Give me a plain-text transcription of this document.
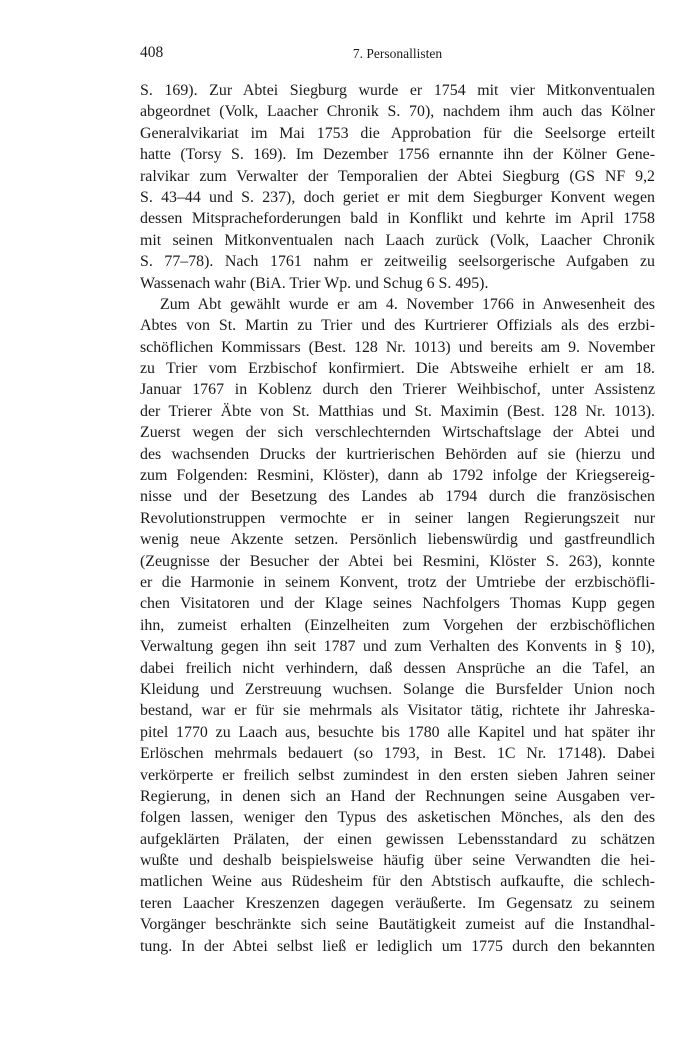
408	7. Personallisten
S. 169). Zur Abtei Siegburg wurde er 1754 mit vier Mitkonventualen
abgeordnet (Volk, Laacher Chronik S. 70), nachdem ihm auch das Kölner
Generalvikariat im Mai 1753 die Approbation für die Seelsorge erteilt
hatte (Torsy S. 169). Im Dezember 1756 ernannte ihn der Kölner Gene-
ralvikar zum Verwalter der Temporalien der Abtei Siegburg (GS NF 9,2
S. 43–44 und S. 237), doch geriet er mit dem Siegburger Konvent wegen
dessen Mitspracheforderungen bald in Konflikt und kehrte im April 1758
mit seinen Mitkonventualen nach Laach zurück (Volk, Laacher Chronik
S. 77–78). Nach 1761 nahm er zeitweilig seelsorgerische Aufgaben zu
Wassenach wahr (BiA. Trier Wp. und Schug 6 S. 495).
Zum Abt gewählt wurde er am 4. November 1766 in Anwesenheit des
Abtes von St. Martin zu Trier und des Kurtrierer Offizials als des erzbi-
schöflichen Kommissars (Best. 128 Nr. 1013) und bereits am 9. November
zu Trier vom Erzbischof konfirmiert. Die Abtsweihe erhielt er am 18.
Januar 1767 in Koblenz durch den Trierer Weihbischof, unter Assistenz
der Trierer Äbte von St. Matthias und St. Maximin (Best. 128 Nr. 1013).
Zuerst wegen der sich verschlechternden Wirtschaftslage der Abtei und
des wachsenden Drucks der kurtrierischen Behörden auf sie (hierzu und
zum Folgenden: Resmini, Klöster), dann ab 1792 infolge der Kriegsereig-
nisse und der Besetzung des Landes ab 1794 durch die französischen
Revolutionstruppen vermochte er in seiner langen Regierungszeit nur
wenig neue Akzente setzen. Persönlich liebenswürdig und gastfreundlich
(Zeugnisse der Besucher der Abtei bei Resmini, Klöster S. 263), konnte
er die Harmonie in seinem Konvent, trotz der Umtriebe der erzbischöfli-
chen Visitatoren und der Klage seines Nachfolgers Thomas Kupp gegen
ihn, zumeist erhalten (Einzelheiten zum Vorgehen der erzbischöflichen
Verwaltung gegen ihn seit 1787 und zum Verhalten des Konvents in § 10),
dabei freilich nicht verhindern, daß dessen Ansprüche an die Tafel, an
Kleidung und Zerstreuung wuchsen. Solange die Bursfelder Union noch
bestand, war er für sie mehrmals als Visitator tätig, richtete ihr Jahreska-
pitel 1770 zu Laach aus, besuchte bis 1780 alle Kapitel und hat später ihr
Erlöschen mehrmals bedauert (so 1793, in Best. 1C Nr. 17148). Dabei
verkörperte er freilich selbst zumindest in den ersten sieben Jahren seiner
Regierung, in denen sich an Hand der Rechnungen seine Ausgaben ver-
folgen lassen, weniger den Typus des asketischen Mönches, als den des
aufgeklärten Prälaten, der einen gewissen Lebensstandard zu schätzen
wußte und deshalb beispielsweise häufig über seine Verwandten die hei-
matlichen Weine aus Rüdesheim für den Abtstisch aufkaufte, die schlech-
teren Laacher Kreszenzen dagegen veräußerte. Im Gegensatz zu seinem
Vorgänger beschränkte sich seine Bautätigkeit zumeist auf die Instandhal-
tung. In der Abtei selbst ließ er lediglich um 1775 durch den bekannten
